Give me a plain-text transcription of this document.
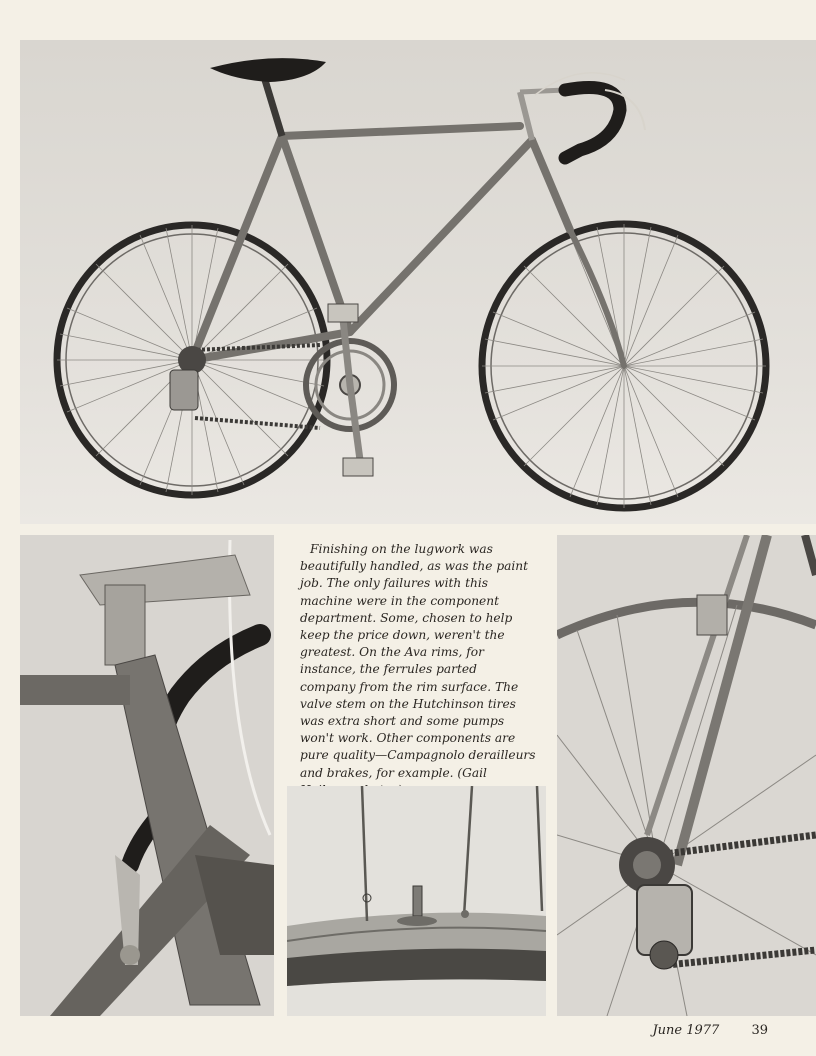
Finishing on the lugwork was beautifully handled, as was the paint job. The only failures with this machine were in the component department. Some, chosen to help keep the price down, weren't the greatest. On the Ava rims, for instance, the ferrules parted company from the rim surface. The valve stem on the Hutchinson tires was extra short and some pumps won't work. Other components are pure quality—Campagnolo derailleurs and brakes, for example. (Gail

June 1977 39
